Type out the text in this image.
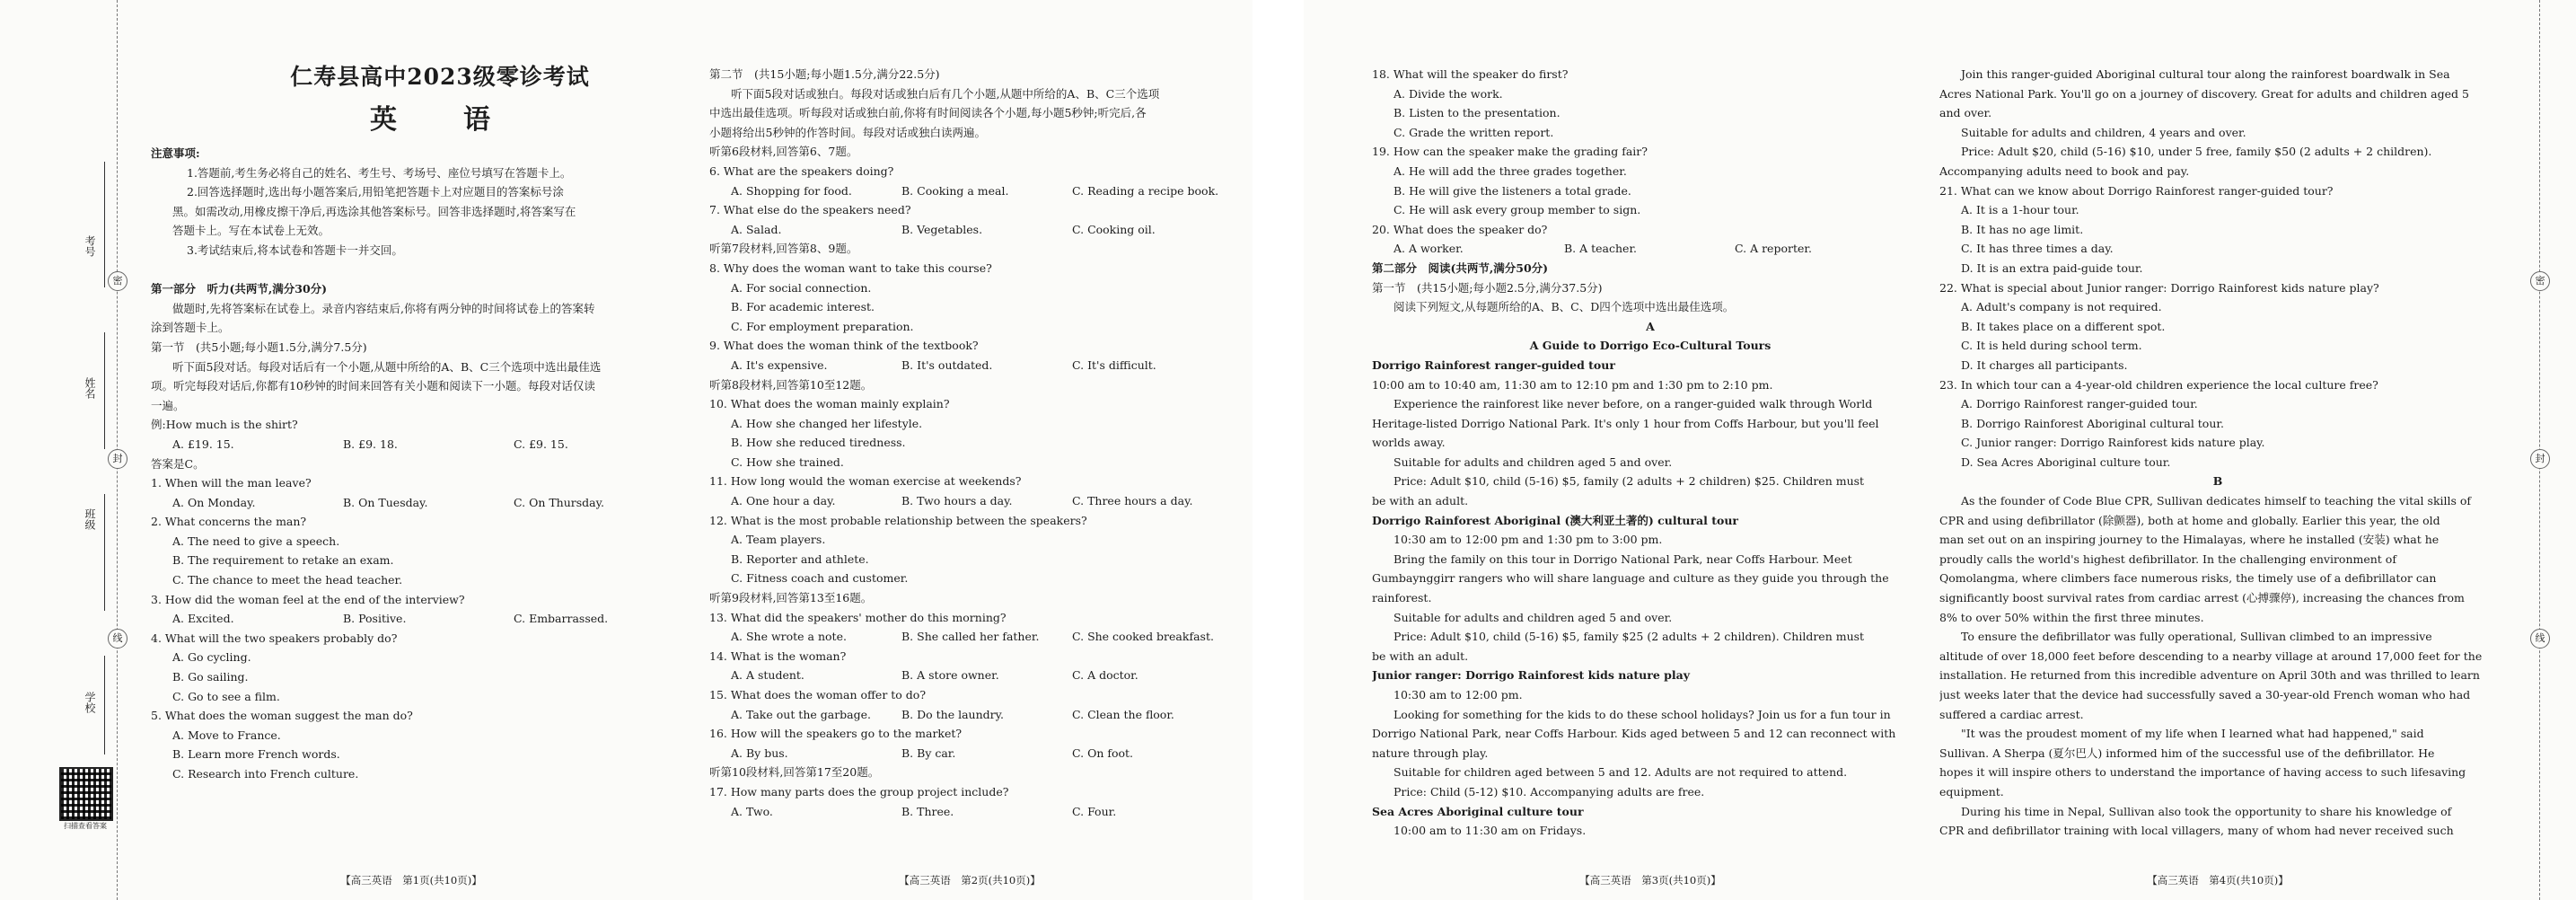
密
封
线
考号
姓名
班级
学校
扫描查看答案
仁寿县高中2023级零诊考试
英　语
注意事项:
1.答题前,考生务必将自己的姓名、考生号、考场号、座位号填写在答题卡上。
2.回答选择题时,选出每小题答案后,用铅笔把答题卡上对应题目的答案标号涂
黑。如需改动,用橡皮擦干净后,再选涂其他答案标号。回答非选择题时,将答案写在
答题卡上。写在本试卷上无效。
3.考试结束后,将本试卷和答题卡一并交回。

第一部分　听力(共两节,满分30分)
做题时,先将答案标在试卷上。录音内容结束后,你将有两分钟的时间将试卷上的答案转
涂到答题卡上。
第一节　(共5小题;每小题1.5分,满分7.5分)
听下面5段对话。每段对话后有一个小题,从题中所给的A、B、C三个选项中选出最佳选
项。听完每段对话后,你都有10秒钟的时间来回答有关小题和阅读下一小题。每段对话仅读
一遍。
例:How much is the shirt?
A. £19. 15.	B. £9. 18.	C. £9. 15.
答案是C。
1. When will the man leave?
A. On Monday.	B. On Tuesday.	C. On Thursday.
2. What concerns the man?
A. The need to give a speech.
B. The requirement to retake an exam.
C. The chance to meet the head teacher.
3. How did the woman feel at the end of the interview?
A. Excited.	B. Positive.	C. Embarrassed.
4. What will the two speakers probably do?
A. Go cycling.
B. Go sailing.
C. Go to see a film.
5. What does the woman suggest the man do?
A. Move to France.
B. Learn more French words.
C. Research into French culture.
【高三英语　第1页(共10页)】
第二节　(共15小题;每小题1.5分,满分22.5分)
听下面5段对话或独白。每段对话或独白后有几个小题,从题中所给的A、B、C三个选项
中选出最佳选项。听每段对话或独白前,你将有时间阅读各个小题,每小题5秒钟;听完后,各
小题将给出5秒钟的作答时间。每段对话或独白读两遍。
听第6段材料,回答第6、7题。
6. What are the speakers doing?
A. Shopping for food.	B. Cooking a meal.	C. Reading a recipe book.
7. What else do the speakers need?
A. Salad.	B. Vegetables.	C. Cooking oil.
听第7段材料,回答第8、9题。
8. Why does the woman want to take this course?
A. For social connection.
B. For academic interest.
C. For employment preparation.
9. What does the woman think of the textbook?
A. It's expensive.	B. It's outdated.	C. It's difficult.
听第8段材料,回答第10至12题。
10. What does the woman mainly explain?
A. How she changed her lifestyle.
B. How she reduced tiredness.
C. How she trained.
11. How long would the woman exercise at weekends?
A. One hour a day.	B. Two hours a day.	C. Three hours a day.
12. What is the most probable relationship between the speakers?
A. Team players.
B. Reporter and athlete.
C. Fitness coach and customer.
听第9段材料,回答第13至16题。
13. What did the speakers' mother do this morning?
A. She wrote a note.	B. She called her father.	C. She cooked breakfast.
14. What is the woman?
A. A student.	B. A store owner.	C. A doctor.
15. What does the woman offer to do?
A. Take out the garbage.	B. Do the laundry.	C. Clean the floor.
16. How will the speakers go to the market?
A. By bus.	B. By car.	C. On foot.
听第10段材料,回答第17至20题。
17. How many parts does the group project include?
A. Two.	B. Three.	C. Four.
【高三英语　第2页(共10页)】
18. What will the speaker do first?
A. Divide the work.
B. Listen to the presentation.
C. Grade the written report.
19. How can the speaker make the grading fair?
A. He will add the three grades together.
B. He will give the listeners a total grade.
C. He will ask every group member to sign.
20. What does the speaker do?
A. A worker.	B. A teacher.	C. A reporter.
第二部分　阅读(共两节,满分50分)
第一节　(共15小题;每小题2.5分,满分37.5分)
阅读下列短文,从每题所给的A、B、C、D四个选项中选出最佳选项。
A
A Guide to Dorrigo Eco-Cultural Tours
Dorrigo Rainforest ranger-guided tour
10:00 am to 10:40 am, 11:30 am to 12:10 pm and 1:30 pm to 2:10 pm.
Experience the rainforest like never before, on a ranger-guided walk through World
Heritage-listed Dorrigo National Park. It's only 1 hour from Coffs Harbour, but you'll feel
worlds away.
Suitable for adults and children aged 5 and over.
Price: Adult $10, child (5-16) $5, family (2 adults + 2 children) $25. Children must
be with an adult.
Dorrigo Rainforest Aboriginal (澳大利亚土著的) cultural tour
10:30 am to 12:00 pm and 1:30 pm to 3:00 pm.
Bring the family on this tour in Dorrigo National Park, near Coffs Harbour. Meet
Gumbaynggirr rangers who will share language and culture as they guide you through the
rainforest.
Suitable for adults and children aged 5 and over.
Price: Adult $10, child (5-16) $5, family $25 (2 adults + 2 children). Children must
be with an adult.
Junior ranger: Dorrigo Rainforest kids nature play
10:30 am to 12:00 pm.
Looking for something for the kids to do these school holidays? Join us for a fun tour in
Dorrigo National Park, near Coffs Harbour. Kids aged between 5 and 12 can reconnect with
nature through play.
Suitable for children aged between 5 and 12. Adults are not required to attend.
Price: Child (5-12) $10. Accompanying adults are free.
Sea Acres Aboriginal culture tour
10:00 am to 11:30 am on Fridays.
【高三英语　第3页(共10页)】
Join this ranger-guided Aboriginal cultural tour along the rainforest boardwalk in Sea
Acres National Park. You'll go on a journey of discovery. Great for adults and children aged 5
and over.
Suitable for adults and children, 4 years and over.
Price: Adult $20, child (5-16) $10, under 5 free, family $50 (2 adults + 2 children).
Accompanying adults need to book and pay.
21. What can we know about Dorrigo Rainforest ranger-guided tour?
A. It is a 1-hour tour.
B. It has no age limit.
C. It has three times a day.
D. It is an extra paid-guide tour.
22. What is special about Junior ranger: Dorrigo Rainforest kids nature play?
A. Adult's company is not required.
B. It takes place on a different spot.
C. It is held during school term.
D. It charges all participants.
23. In which tour can a 4-year-old children experience the local culture free?
A. Dorrigo Rainforest ranger-guided tour.
B. Dorrigo Rainforest Aboriginal cultural tour.
C. Junior ranger: Dorrigo Rainforest kids nature play.
D. Sea Acres Aboriginal culture tour.
B
As the founder of Code Blue CPR, Sullivan dedicates himself to teaching the vital skills of
CPR and using defibrillator (除颤器), both at home and globally. Earlier this year, the old
man set out on an inspiring journey to the Himalayas, where he installed (安装) what he
proudly calls the world's highest defibrillator. In the challenging environment of
Qomolangma, where climbers face numerous risks, the timely use of a defibrillator can
significantly boost survival rates from cardiac arrest (心搏骤停), increasing the chances from
8% to over 50% within the first three minutes.
To ensure the defibrillator was fully operational, Sullivan climbed to an impressive
altitude of over 18,000 feet before descending to a nearby village at around 17,000 feet for the
installation. He returned from this incredible adventure on April 30th and was thrilled to learn
just weeks later that the device had successfully saved a 30-year-old French woman who had
suffered a cardiac arrest.
"It was the proudest moment of my life when I learned what had happened," said
Sullivan. A Sherpa (夏尔巴人) informed him of the successful use of the defibrillator. He
hopes it will inspire others to understand the importance of having access to such lifesaving
equipment.
During his time in Nepal, Sullivan also took the opportunity to share his knowledge of
CPR and defibrillator training with local villagers, many of whom had never received such
【高三英语　第4页(共10页)】
密
封
线
